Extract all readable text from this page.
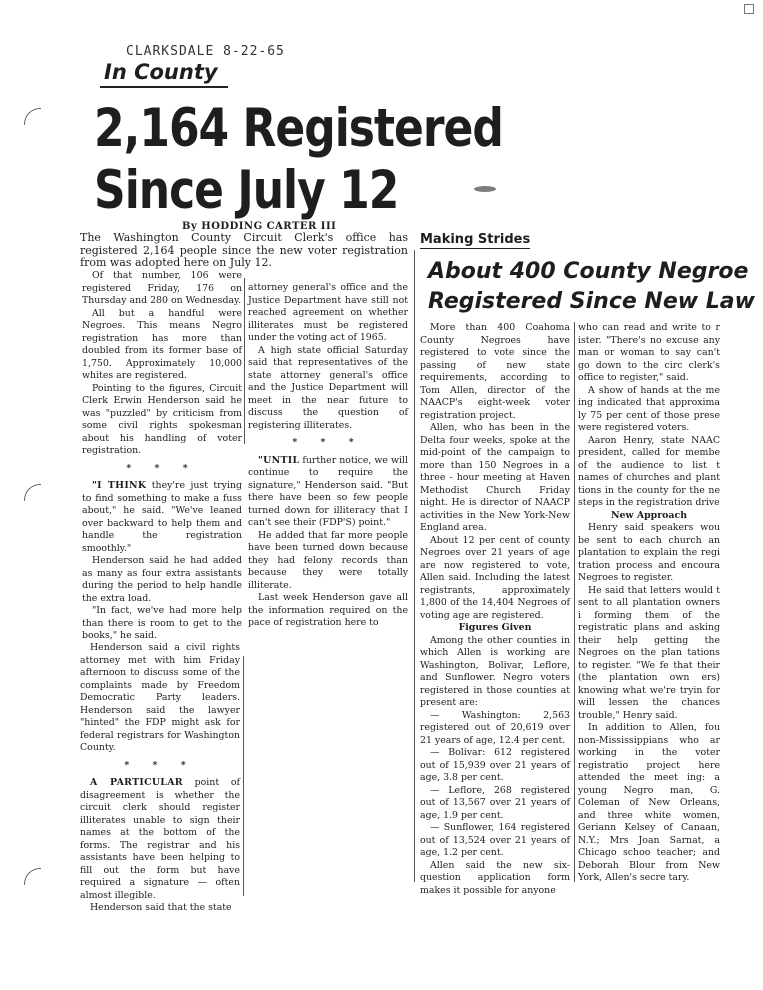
CLARKSDALE 8-22-65
In County
2,164 Registered
Since July 12
By HODDING CARTER III
The Washington County Circuit Clerk's office has registered 2,164 people since the new voter registration from was adopted here on July 12.

Of that number, 106 were registered Friday, 176 on Thursday and 280 on Wednesday.

All but a handful were Negroes. This means Negro registration has more than doubled from its former base of 1,750. Approximately 10,000 whites are registered.

Pointing to the figures, Circuit Clerk Erwin Henderson said he was "puzzled" by criticism from some civil rights spokesman about his handling of voter registration.

* * *

"I THINK they're just trying to find something to make a fuss about," he said. "We've leaned over backward to help them and handle the registration smoothly."

Henderson said he had added as many as four extra assistants during the period to help handle the extra load.

"In fact, we've had more help than there is room to get to the books," he said.

Henderson said a civil rights attorney met with him Friday afternoon to discuss some of the complaints made by Freedom Democratic Party leaders. Henderson said the lawyer "hinted" the FDP might ask for federal registrars for Washington County.

* * *

A PARTICULAR point of disagreement is whether the circuit clerk should register illiterates unable to sign their names at the bottom of the forms. The registrar and his assistants have been helping to fill out the form but have required a signature — often almost illegible.

Henderson said that the state

attorney general's office and the Justice Department have still not reached agreement on whether illiterates must be registered under the voting act of 1965.

A high state official Saturday said that representatives of the state attorney general's office and the Justice Department will meet in the near future to discuss the question of registering illiterates.

* * *

"UNTIL further notice, we will continue to require the signature," Henderson said. "But there have been so few people turned down for illiteracy that I can't see their (FDP'S) point."

He added that far more people have been turned down because they had felony records than because they were totally illiterate.

Last week Henderson gave all the information required on the pace of registration here to

Making Strides
About 400 County Negroe
Registered Since New Law

More than 400 Coahoma County Negroes have registered to vote since the passing of new state requirements, according to Tom Allen, director of the NAACP's eight-week voter registration project.

Allen, who has been in the Delta four weeks, spoke at the mid-point of the campaign to more than 150 Negroes in a three - hour meeting at Haven Methodist Church Friday night. He is director of NAACP activities in the New York-New England area.

About 12 per cent of county Negroes over 21 years of age are now registered to vote, Allen said. Including the latest registrants, approximately 1,800 of the 14,404 Negroes of voting age are registered.

Figures Given

Among the other counties in which Allen is working are Washington, Bolivar, Leflore, and Sunflower. Negro voters registered in those counties at present are:

— Washington: 2,563 registered out of 20,619 over 21 years of age, 12.4 per cent.

— Bolivar: 612 registered out of 15,939 over 21 years of age, 3.8 per cent.

— Leflore, 268 registered out of 13,567 over 21 years of age, 1.9 per cent.

— Sunflower, 164 registered out of 13,524 over 21 years of age, 1.2 per cent.

Allen said the new six-question application form makes it possible for anyone

who can read and write to r ister. "There's no excuse any man or woman to say can't go down to the circ clerk's office to register," said.

A show of hands at the me ing indicated that approxima ly 75 per cent of those prese were registered voters.

Aaron Henry, state NAAC president, called for membe of the audience to list t names of churches and plant tions in the county for the ne steps in the registration drive

New Approach

Henry said speakers wou be sent to each church an plantation to explain the regi tration process and encoura Negroes to register.

He said that letters would t sent to all plantation owners i forming them of the registratic plans and asking their help getting the Negroes on the plan tations to register. "We fe that their (the plantation own ers) knowing what we're tryin for will lessen the chances trouble," Henry said.

In addition to Allen, fou non-Mississippians who ar working in the voter registratio project here attended the meet ing: a young Negro man, G. Coleman of New Orleans, and three white women, Geriann Kelsey of Canaan, N.Y.; Mrs Joan Sarnat, a Chicago schoo teacher; and Deborah Blour from New York, Allen's secre tary.
